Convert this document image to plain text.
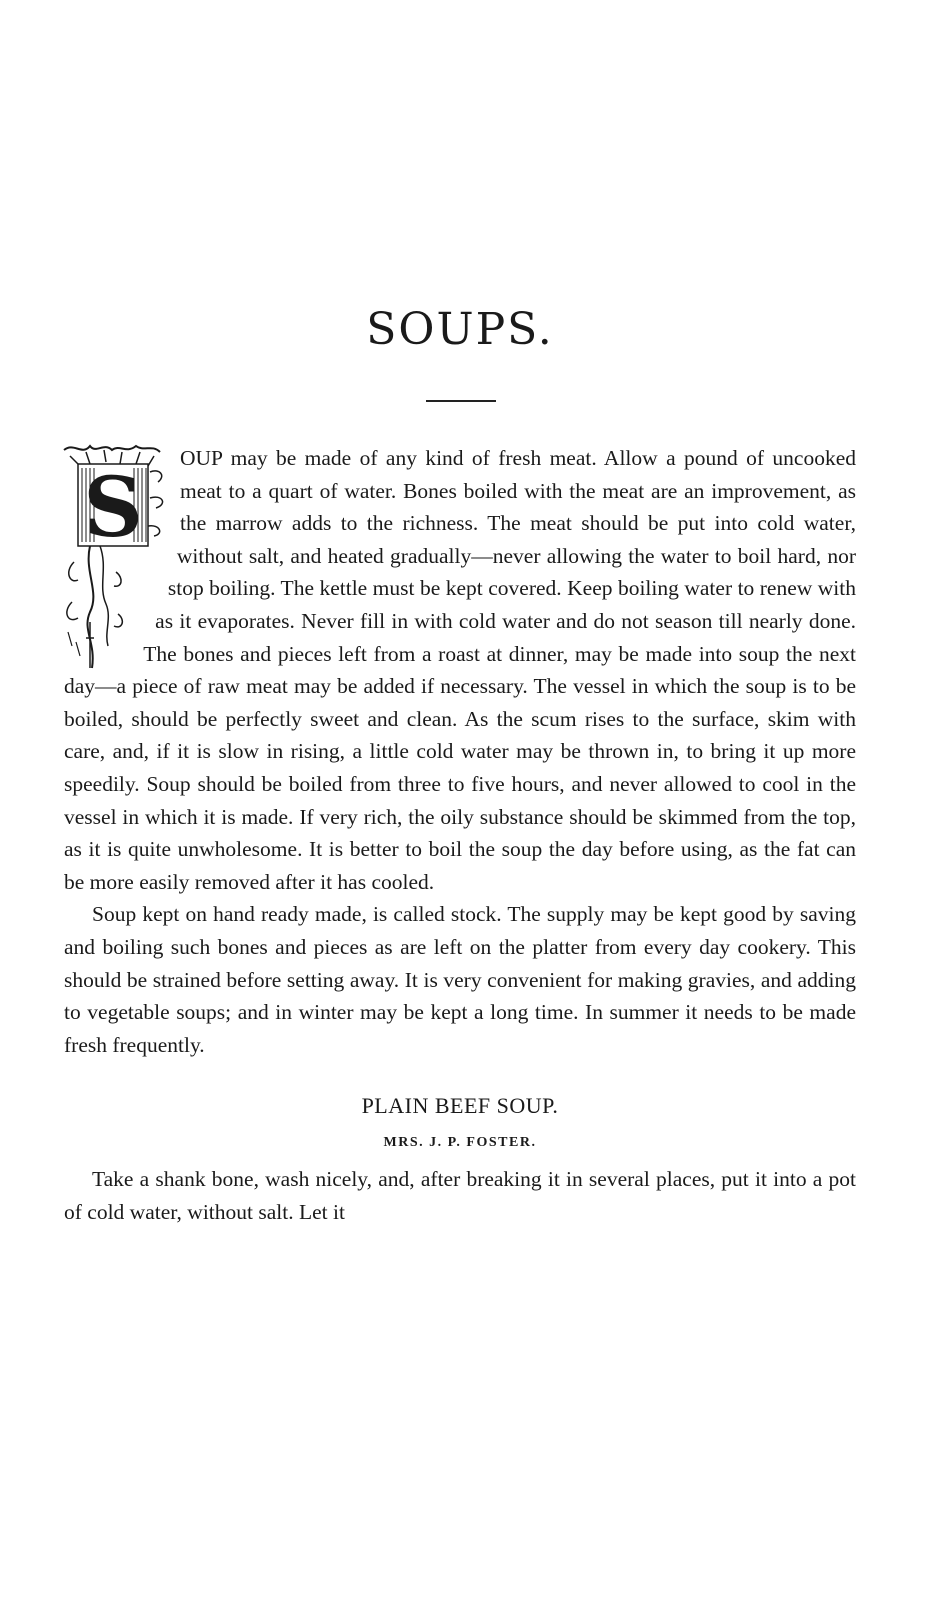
SOUPS.
S

OUP may be made of any kind of fresh meat. Allow a pound of uncooked meat to a quart of water. Bones boiled with the meat are an improvement, as the marrow adds to the richness. The meat should be put into cold water, without salt, and heated gradually—never allowing the water to boil hard, nor stop boiling. The kettle must be kept covered. Keep boiling water to renew with as it evaporates. Never fill in with cold water and do not season till nearly done. The bones and pieces left from a roast at dinner, may be made into soup the next day—a piece of raw meat may be added if necessary. The vessel in which the soup is to be boiled, should be perfectly sweet and clean. As the scum rises to the surface, skim with care, and, if it is slow in rising, a little cold water may be thrown in, to bring it up more speedily. Soup should be boiled from three to five hours, and never allowed to cool in the vessel in which it is made. If very rich, the oily substance should be skimmed from the top, as it is quite unwholesome. It is better to boil the soup the day before using, as the fat can be more easily removed after it has cooled.

Soup kept on hand ready made, is called stock. The supply may be kept good by saving and boiling such bones and pieces as are left on the platter from every day cookery. This should be strained before setting away. It is very convenient for making gravies, and adding to vegetable soups; and in winter may be kept a long time. In summer it needs to be made fresh frequently.

PLAIN BEEF SOUP.
MRS. J. P. FOSTER.

Take a shank bone, wash nicely, and, after breaking it in several places, put it into a pot of cold water, without salt. Let it
